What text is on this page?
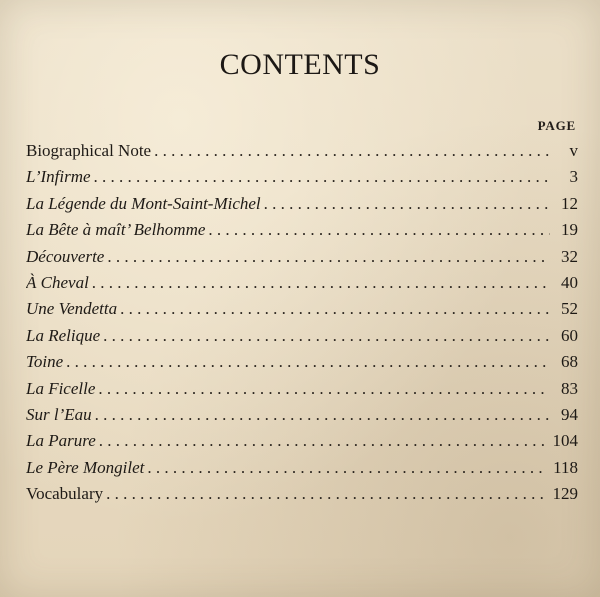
CONTENTS
PAGE
Biographical Note . . .	v
L’Infirme . . .	3
La Légende du Mont-Saint-Michel . . .	12
La Bête à maît’ Belhomme . . .	19
Découverte . . .	32
À Cheval . . .	40
Une Vendetta . . .	52
La Relique . . .	60
Toine . . .	68
La Ficelle . . .	83
Sur l’Eau . . .	94
La Parure . . .	104
Le Père Mongilet . . .	118
Vocabulary . . .	129
